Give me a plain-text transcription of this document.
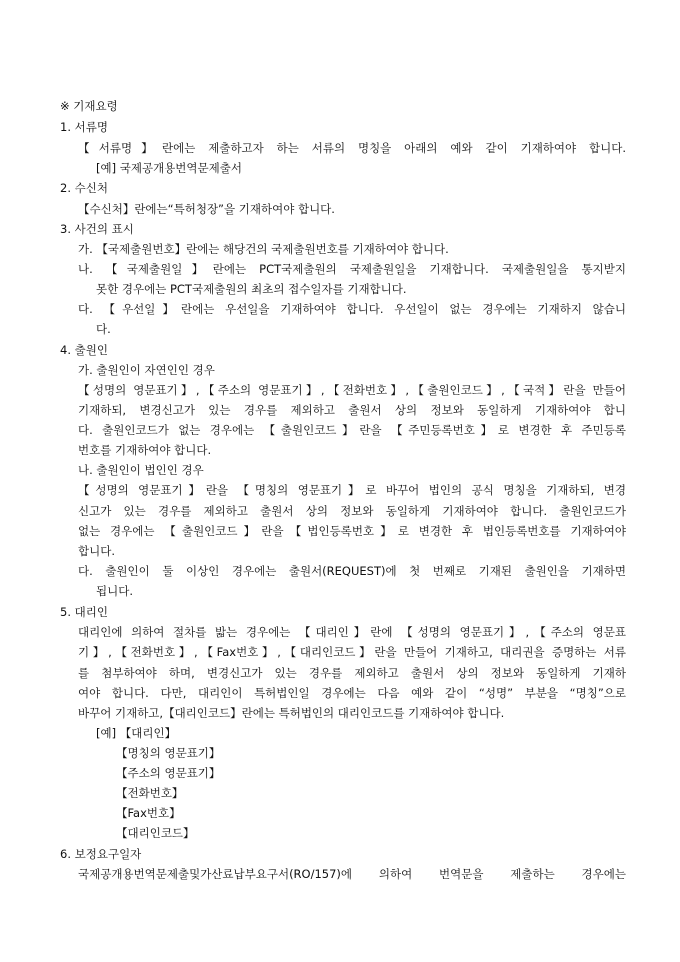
※ 기재요령
1. 서류명
【서류명】란에는 제출하고자 하는 서류의 명칭을 아래의 예와 같이 기재하여야 합니다.
[예] 국제공개용번역문제출서
2. 수신처
【수신처】란에는“특허청장”을 기재하여야 합니다.
3. 사건의 표시
가. 【국제출원번호】란에는 해당건의 국제출원번호를 기재하여야 합니다.
나. 【국제출원일】란에는 PCT국제출원의 국제출원일을 기재합니다. 국제출원일을 통지받지
못한 경우에는 PCT국제출원의 최초의 접수일자를 기재합니다.
다. 【우선일】란에는 우선일을 기재하여야 합니다. 우선일이 없는 경우에는 기재하지 않습니
다.
4. 출원인
가. 출원인이 자연인인 경우
【성명의 영문표기】,【주소의 영문표기】,【전화번호】,【출원인코드】,【국적】란을 만들어
기재하되, 변경신고가 있는 경우를 제외하고 출원서 상의 정보와 동일하게 기재하여야 합니
다. 출원인코드가 없는 경우에는 【출원인코드】란을 【주민등록번호】로 변경한 후 주민등록
번호를 기재하여야 합니다.
나. 출원인이 법인인 경우
【성명의 영문표기】란을 【명칭의 영문표기】로 바꾸어 법인의 공식 명칭을 기재하되, 변경
신고가 있는 경우를 제외하고 출원서 상의 정보와 동일하게 기재하여야 합니다. 출원인코드가
없는 경우에는 【출원인코드】란을【법인등록번호】로 변경한 후 법인등록번호를 기재하여야
합니다.
다. 출원인이 둘 이상인 경우에는 출원서(REQUEST)에 첫 번째로 기재된 출원인을 기재하면
됩니다.
5. 대리인
대리인에 의하여 절차를 밟는 경우에는 【대리인】란에 【성명의 영문표기】,【주소의 영문표
기】,【전화번호】,【Fax번호】,【대리인코드】란을 만들어 기재하고, 대리권을 증명하는 서류
를 첨부하여야 하며, 변경신고가 있는 경우를 제외하고 출원서 상의 정보와 동일하게 기재하
여야 합니다. 다만, 대리인이 특허법인일 경우에는 다음 예와 같이 “성명” 부분을 “명칭”으로
바꾸어 기재하고,【대리인코드】란에는 특허법인의 대리인코드를 기재하여야 합니다.
[예] 【대리인】
【명칭의 영문표기】
【주소의 영문표기】
【전화번호】
【Fax번호】
【대리인코드】
6. 보정요구일자
국제공개용번역문제출및가산료납부요구서(RO/157)에 의하여 번역문을 제출하는 경우에는
